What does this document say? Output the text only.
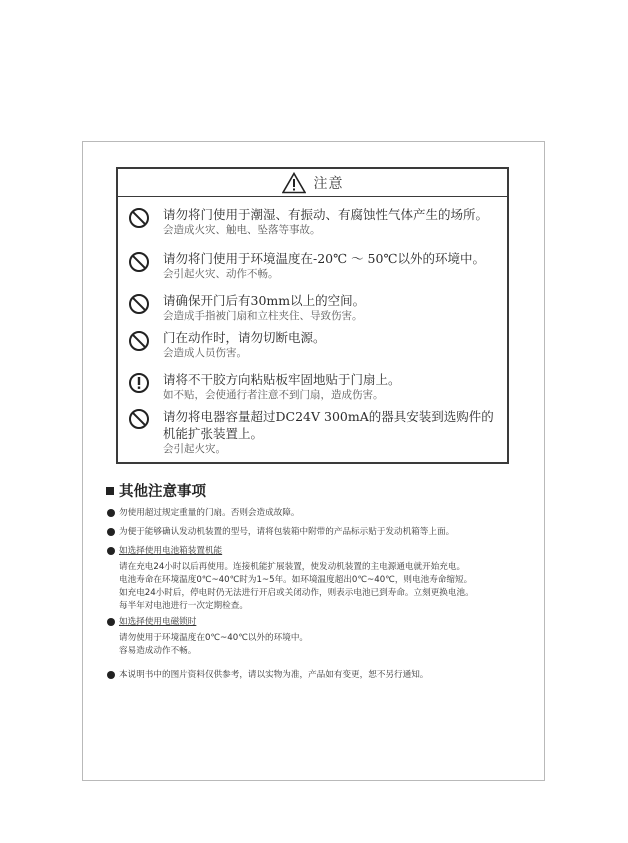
注意
请勿将门使用于潮湿、有振动、有腐蚀性气体产生的场所。
会造成火灾、触电、坠落等事故。
请勿将门使用于环境温度在-20℃ ～ 50℃以外的环境中。
会引起火灾、动作不畅。
请确保开门后有30mm以上的空间。
会造成手指被门扇和立柱夹住、导致伤害。
门在动作时，请勿切断电源。
会造成人员伤害。
请将不干胶方向粘贴板牢固地贴于门扇上。
如不贴，会使通行者注意不到门扇，造成伤害。
请勿将电器容量超过DC24V 300mA的器具安装到选购件的机能扩张装置上。
会引起火灾。
其他注意事项
勿使用超过规定重量的门扇。否则会造成故障。
为便于能够确认发动机装置的型号，请将包装箱中附带的产品标示贴于发动机箱等上面。
如选择使用电池箱装置机能
请在充电24小时以后再使用。连接机能扩展装置，使发动机装置的主电源通电就开始充电。
电池寿命在环境温度0℃~40℃时为1~5年。如环境温度超出0℃~40℃，则电池寿命缩短。
如充电24小时后，停电时仍无法进行开启或关闭动作，则表示电池已到寿命。立刻更换电池。
每半年对电池进行一次定期检查。
如选择使用电磁锁时
请勿使用于环境温度在0℃~40℃以外的环境中。
容易造成动作不畅。
本说明书中的图片资料仅供参考，请以实物为准，产品如有变更，恕不另行通知。
